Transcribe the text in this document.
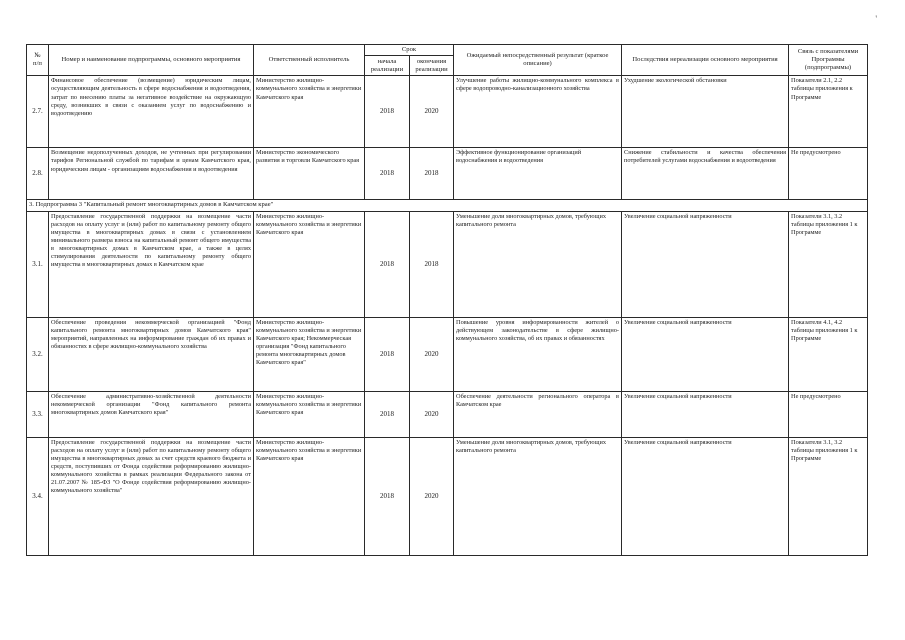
'
№
п/п	Номер и наименование подпрограммы, основного мероприятия	Ответственный исполнитель	Срок		Ожидаемый непосредственный результат (краткое описание)	Последствия нереализации основного мероприятия	Связь с показателями Программы (подпрограммы)
			начала реализации	окончания реализации			
2.7.	Финансовое обеспечение (возмещение) юридическим лицам, осуществляющим деятельность в сфере водоснабжения и водоотведения, затрат по внесению платы за негативное воздействие на окружающую среду, возникших в связи с оказанием услуг по водоснабжению и водоотведению	Министерство жилищно-коммунального хозяйства и энергетики Камчатского края	2018	2020	Улучшение работы жилищно-коммунального комплекса в сфере водопроводно-канализационного хозяйства	Ухудшение экологической обстановки	Показатели 2.1, 2.2 таблицы приложения к Программе
2.8.	Возмещение недополученных доходов, не учтенных при регулировании тарифов Региональной службой по тарифам и ценам Камчатского края, юридическим лицам - организациям водоснабжения и водоотведения	Министерство экономического развития и торговли Камчатского края	2018	2018	Эффективное функционирование организаций водоснабжения и водоотведения	Снижение стабильности и качества обеспечения потребителей услугами водоснабжения и водоотведения	Не предусмотрено
3. Подпрограмма 3 "Капитальный ремонт многоквартирных домов в Камчатском крае"							
3.1.	Предоставление государственной поддержки на возмещение части расходов на оплату услуг и (или) работ по капитальному ремонту общего имущества в многоквартирных домах в связи с установлением минимального размера взноса на капитальный ремонт общего имущества в многоквартирных домах в Камчатском крае, а также в целях стимулирования деятельности по капитальному ремонту общего имущества в многоквартирных домах в Камчатском крае	Министерство жилищно-коммунального хозяйства и энергетики Камчатского края	2018	2018	Уменьшение доли многоквартирных домов, требующих капитального ремонта	Увеличение социальной напряженности	Показатели 3.1, 3.2 таблицы приложения 1 к Программе
3.2.	Обеспечение проведения некоммерческой организацией "Фонд капитального ремонта многоквартирных домов Камчатского края" мероприятий, направленных на информирование граждан об их правах и обязанностях в сфере жилищно-коммунального хозяйства	Министерство жилищно-коммунального хозяйства и энергетики Камчатского края; Некоммерческая организация "Фонд капитального ремонта многоквартирных домов Камчатского края"	2018	2020	Повышение уровня информированности жителей о действующем законодательстве в сфере жилищно-коммунального хозяйства, об их правах и обязанностях	Увеличение социальной напряженности	Показатели 4.1, 4.2 таблицы приложения 1 к Программе
3.3.	Обеспечение административно-хозяйственной деятельности некоммерческой организации "Фонд капитального ремонта многоквартирных домов Камчатского края"	Министерство жилищно-коммунального хозяйства и энергетики Камчатского края	2018	2020	Обеспечение деятельности регионального оператора в Камчатском крае	Увеличение социальной напряженности	Не предусмотрено
3.4.	Предоставление государственной поддержки на возмещение части расходов на оплату услуг и (или) работ по капитальному ремонту общего имущества в многоквартирных домах за счет средств краевого бюджета и средств, поступивших от Фонда содействия реформированию жилищно-коммунального хозяйства в рамках реализации Федерального закона от 21.07.2007 № 185-ФЗ "О Фонде содействия реформированию жилищно-коммунального хозяйства"	Министерство жилищно-коммунального хозяйства и энергетики Камчатского края	2018	2020	Уменьшение доли многоквартирных домов, требующих капитального ремонта	Увеличение социальной напряженности	Показатели 3.1, 3.2 таблицы приложения 1 к Программе
